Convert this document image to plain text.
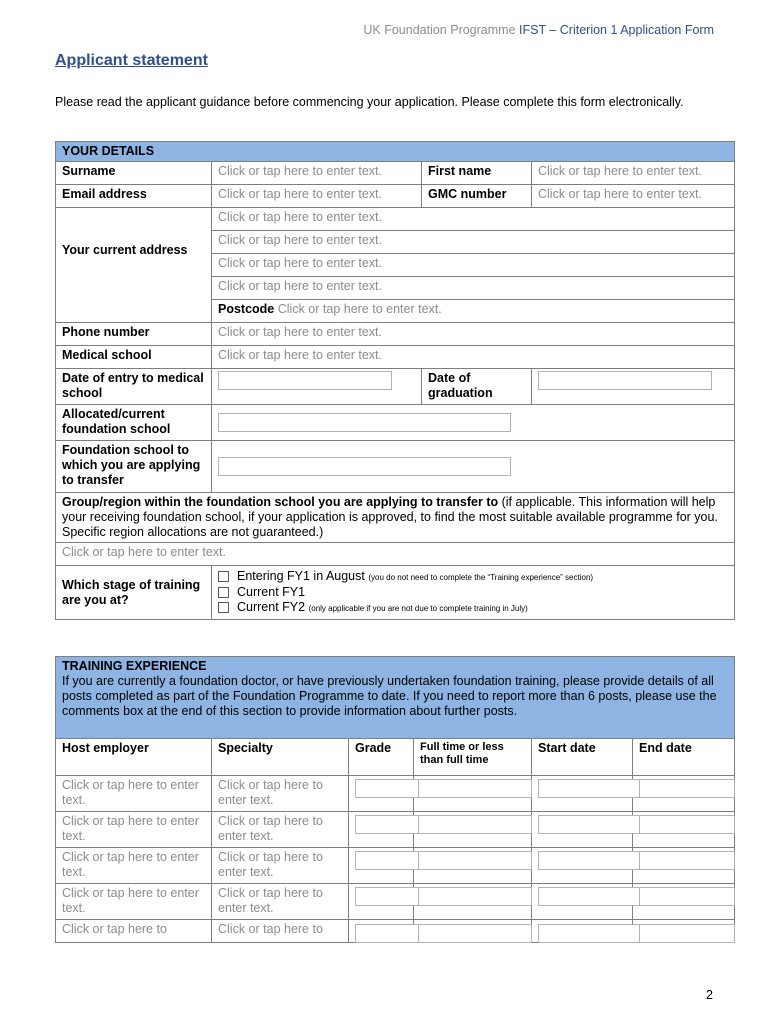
UK Foundation Programme IFST – Criterion 1 Application Form
Applicant statement
Please read the applicant guidance before commencing your application. Please complete this form electronically.
YOUR DETAILS			
Surname	Click or tap here to enter text.	First name	Click or tap here to enter text.
Email address	Click or tap here to enter text.	GMC number	Click or tap here to enter text.

Your current address	Click or tap here to enter text.		
	Click or tap here to enter text.		
	Click or tap here to enter text.		
	Click or tap here to enter text.		
	Postcode Click or tap here to enter text.		
Phone number	Click or tap here to enter text.		
Medical school	Click or tap here to enter text.		
Date of entry to medical school		Date of graduation	
Allocated/current foundation school			
Foundation school to which you are applying to transfer			
Group/region within the foundation school you are applying to transfer to (if applicable. This information will help your receiving foundation school, if your application is approved, to find the most suitable available programme for you. Specific region allocations are not guaranteed.)			
Click or tap here to enter text.			
Which stage of training are you at?	Entering FY1 in August (you do not need to complete the “Training experience” section)
Current FY1
Current FY2 (only applicable if you are not due to complete training in July)		
TRAINING EXPERIENCE
If you are currently a foundation doctor, or have previously undertaken foundation training, please provide details of all posts completed as part of the Foundation Programme to date. If you need to report more than 6 posts, please use the comments box at the end of this section to provide information about further posts.					
Host employer	Specialty	Grade	Full time or less than full time	Start date	End date
Click or tap here to enter text.	Click or tap here to enter text.				
Click or tap here to enter text.	Click or tap here to enter text.				
Click or tap here to enter text.	Click or tap here to enter text.				
Click or tap here to enter text.	Click or tap here to enter text.				
Click or tap here to	Click or tap here to				
2
